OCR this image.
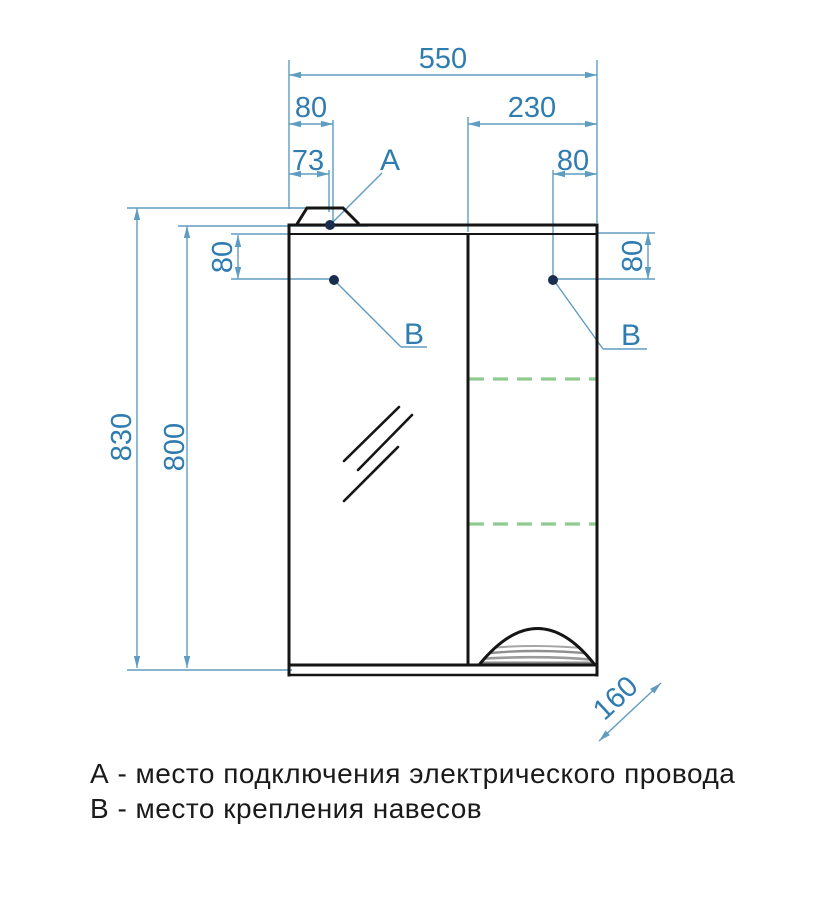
550
80	230
73	80
830 800
80	80
160
A
B	B
А - место подключения электрического провода
В - место крепления навесов
